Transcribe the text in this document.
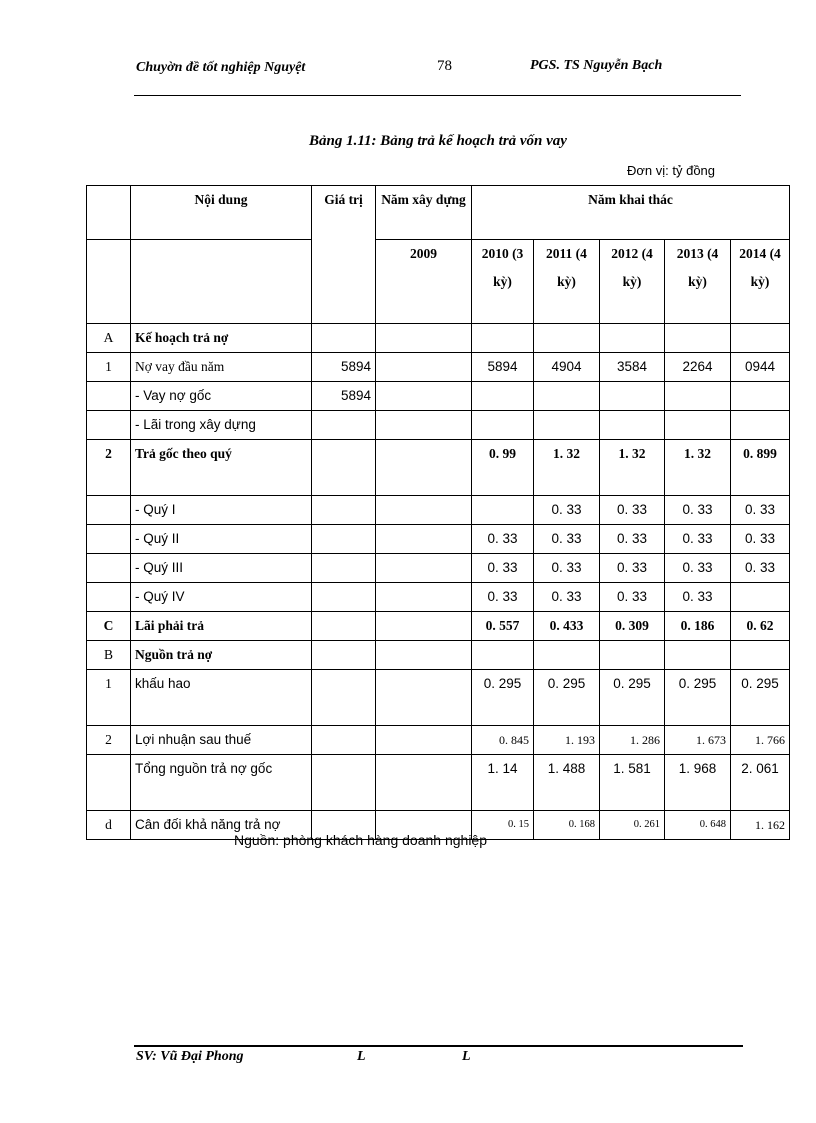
Chuyờn đề tốt nghiệp Nguyệt	78	PGS. TS Nguyễn Bạch
Bảng 1.11: Bảng trả kế hoạch trả vốn vay
Đơn vị: tỷ đồng
	Nội dung	Giá trị	Năm xây dựng	Năm khai thác				
			2009	2010 (3 kỳ)	2011 (4 kỳ)	2012 (4 kỳ)	2013 (4 kỳ)	2014 (4 kỳ)
A	Kế hoạch trả nợ							
1	Nợ vay đầu năm	5894		5894	4904	3584	2264	0944
	- Vay nợ gốc	5894						
	- Lãi trong xây dựng							
2	Trả gốc theo quý			0. 99	1. 32	1. 32	1. 32	0. 899
	- Quý I				0. 33	0. 33	0. 33	0. 33
	- Quý II			0. 33	0. 33	0. 33	0. 33	0. 33
	- Quý III			0. 33	0. 33	0. 33	0. 33	0. 33
	- Quý IV			0. 33	0. 33	0. 33	0. 33	
C	Lãi phải trả			0. 557	0. 433	0. 309	0. 186	0. 62
B	Nguồn trả nợ							
1	khấu hao			0. 295	0. 295	0. 295	0. 295	0. 295
2	Lợi nhuận sau thuế			0. 845	1. 193	1. 286	1. 673	1. 766
	Tổng nguồn trả nợ gốc			1. 14	1. 488	1. 581	1. 968	2. 061
d	Cân đối khả năng trả nợ			0. 15	0. 168	0. 261	0. 648	1. 162
Nguồn: phòng khách hàng doanh nghiệp
SV: Vũ Đại Phong	L	L
